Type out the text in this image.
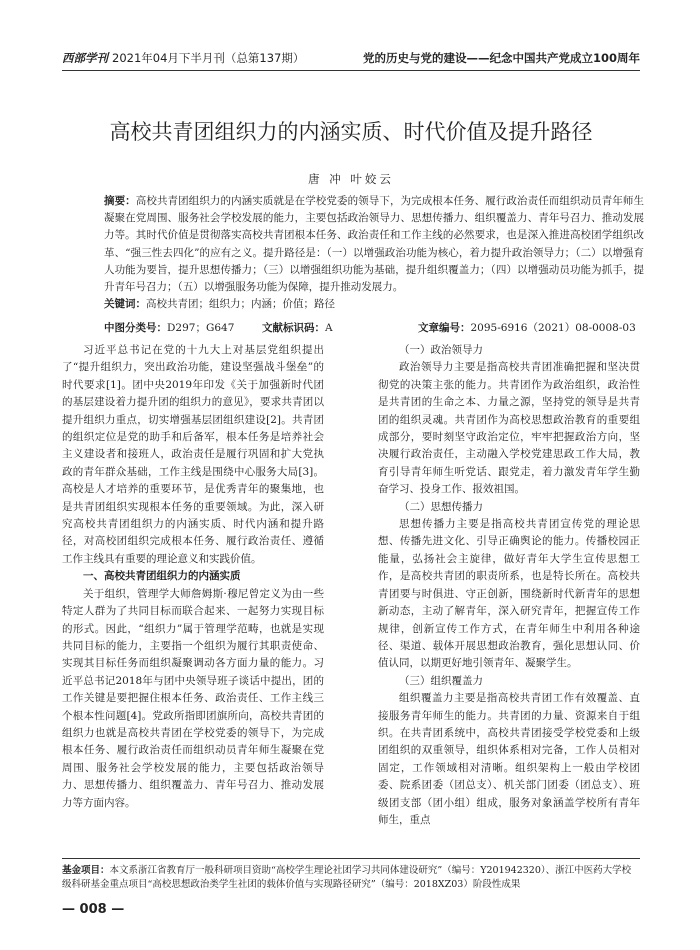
西部学刊 2021年04月下半月刊（总第137期）	党的历史与党的建设——纪念中国共产党成立100周年
高校共青团组织力的内涵实质、时代价值及提升路径
唐 冲 叶姣云
摘要：高校共青团组织力的内涵实质就是在学校党委的领导下，为完成根本任务、履行政治责任而组织动员青年师生凝聚在党周围、服务社会学校发展的能力，主要包括政治领导力、思想传播力、组织覆盖力、青年号召力、推动发展力等。其时代价值是贯彻落实高校共青团根本任务、政治责任和工作主线的必然要求，也是深入推进高校团学组织改革、“强三性去四化”的应有之义。提升路径是：（一）以增强政治功能为核心，着力提升政治领导力；（二）以增强育人功能为要旨，提升思想传播力；（三）以增强组织功能为基础，提升组织覆盖力；（四）以增强动员功能为抓手，提升青年号召力；（五）以增强服务功能为保障，提升推动发展力。
关键词：高校共青团；组织力；内涵；价值；路径
中图分类号：D297；G647	文献标识码：A	文章编号：2095-6916（2021）08-0008-03

习近平总书记在党的十九大上对基层党组织提出了“提升组织力，突出政治功能，建设坚强战斗堡垒”的时代要求[1]。团中央2019年印发《关于加强新时代团的基层建设着力提升团的组织力的意见》，要求共青团以提升组织力重点，切实增强基层团组织建设[2]。共青团的组织定位是党的助手和后备军，根本任务是培养社会主义建设者和接班人，政治责任是履行巩固和扩大党执政的青年群众基础，工作主线是围绕中心服务大局[3]。高校是人才培养的重要环节，是优秀青年的聚集地，也是共青团组织实现根本任务的重要领域。为此，深入研究高校共青团组织力的内涵实质、时代内涵和提升路径，对高校团组织完成根本任务、履行政治责任、遵循工作主线具有重要的理论意义和实践价值。

一、高校共青团组织力的内涵实质

关于组织，管理学大师詹姆斯·穆尼曾定义为由一些特定人群为了共同目标而联合起来、一起努力实现目标的形式。因此，“组织力”属于管理学范畴，也就是实现共同目标的能力，主要指一个组织为履行其职责使命、实现其目标任务而组织凝聚调动各方面力量的能力。习近平总书记2018年与团中央领导班子谈话中提出，团的工作关键是要把握住根本任务、政治责任、工作主线三个根本性问题[4]。党政所指即团旗所向，高校共青团的组织力也就是高校共青团在学校党委的领导下，为完成根本任务、履行政治责任而组织动员青年师生凝聚在党周围、服务社会学校发展的能力，主要包括政治领导力、思想传播力、组织覆盖力、青年号召力、推动发展力等方面内容。

（一）政治领导力

政治领导力主要是指高校共青团准确把握和坚决贯彻党的决策主张的能力。共青团作为政治组织，政治性是共青团的生命之本、力量之源，坚持党的领导是共青团的组织灵魂。共青团作为高校思想政治教育的重要组成部分，要时刻坚守政治定位，牢牢把握政治方向，坚决履行政治责任，主动融入学校党建思政工作大局，教育引导青年师生听党话、跟党走，着力激发青年学生勤奋学习、投身工作、报效祖国。

（二）思想传播力

思想传播力主要是指高校共青团宣传党的理论思想、传播先进文化、引导正确舆论的能力。传播校园正能量，弘扬社会主旋律，做好青年大学生宣传思想工作，是高校共青团的职责所系，也是特长所在。高校共青团要与时俱进、守正创新，围绕新时代新青年的思想新动态，主动了解青年，深入研究青年，把握宣传工作规律，创新宣传工作方式，在青年师生中利用各种途径、渠道、载体开展思想政治教育，强化思想认同、价值认同，以期更好地引领青年、凝聚学生。

（三）组织覆盖力

组织覆盖力主要是指高校共青团工作有效覆盖、直接服务青年师生的能力。共青团的力量、资源来自于组织。在共青团系统中，高校共青团接受学校党委和上级团组织的双重领导，组织体系相对完备，工作人员相对固定，工作领域相对清晰。组织架构上一般由学校团委、院系团委（团总支）、机关部门团委（团总支）、班级团支部（团小组）组成，服务对象涵盖学校所有青年师生，重点

基金项目：本文系浙江省教育厅一般科研项目资助“高校学生理论社团学习共同体建设研究”（编号：Y201942320）、浙江中医药大学校级科研基金重点项目“高校思想政治类学生社团的载体价值与实现路径研究”（编号：2018XZ03）阶段性成果
— 008 —
